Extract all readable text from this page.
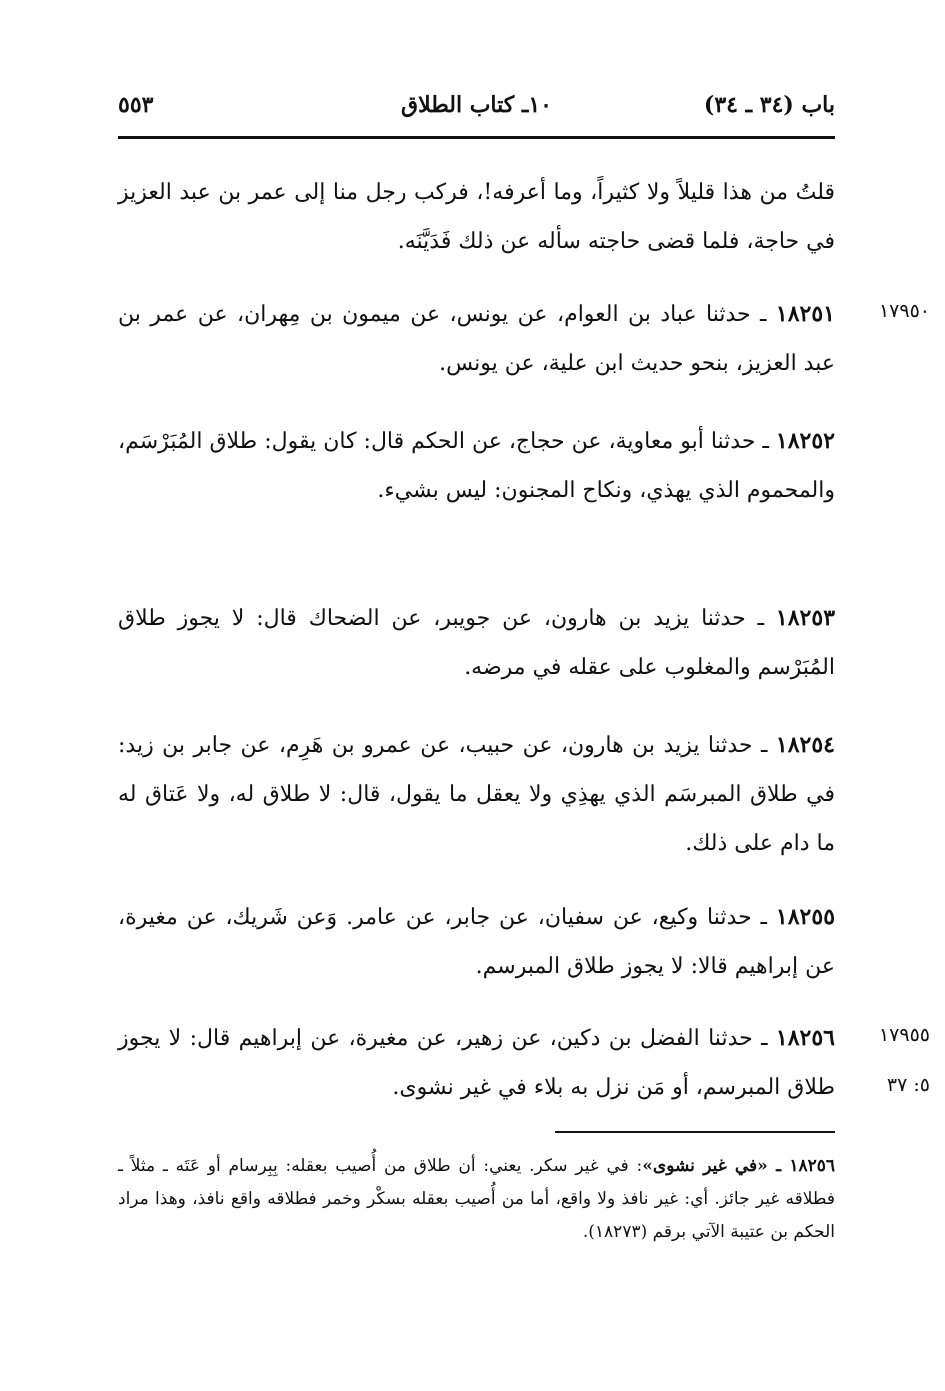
باب (٣٤ ـ ٣٤)
١٠ـ كتاب الطلاق
٥٥٣
قلتُ من هذا قليلاً ولا كثيراً، وما أعرفه!، فركب رجل منا إلى عمر بن عبد العزيز في حاجة، فلما قضى حاجته سأله عن ذلك فَدَيَّنَه.
١٧٩٥٠
١٨٢٥١ ـ حدثنا عباد بن العوام، عن يونس، عن ميمون بن مِهران، عن عمر بن عبد العزيز، بنحو حديث ابن علية، عن يونس.
١٨٢٥٢ ـ حدثنا أبو معاوية، عن حجاج، عن الحكم قال: كان يقول: طلاق المُبَرْسَم، والمحموم الذي يهذي، ونكاح المجنون: ليس بشيء.
١٨٢٥٣ ـ حدثنا يزيد بن هارون، عن جويبر، عن الضحاك قال: لا يجوز طلاق المُبَرْسم والمغلوب على عقله في مرضه.
١٨٢٥٤ ـ حدثنا يزيد بن هارون، عن حبيب، عن عمرو بن هَرِم، عن جابر بن زيد: في طلاق المبرسَم الذي يهذِي ولا يعقل ما يقول، قال: لا طلاق له، ولا عَتاق له ما دام على ذلك.
١٨٢٥٥ ـ حدثنا وكيع، عن سفيان، عن جابر، عن عامر. وَعن شَريك، عن مغيرة، عن إبراهيم قالا: لا يجوز طلاق المبرسم.
١٧٩٥٥
٥: ٣٧
١٨٢٥٦ ـ حدثنا الفضل بن دكين، عن زهير، عن مغيرة، عن إبراهيم قال: لا يجوز طلاق المبرسم، أو مَن نزل به بلاء في غير نشوى.
١٨٢٥٦ ـ «في غير نشوى»: في غير سكر. يعني: أن طلاق من أُصيب بعقله: بِبِرسام أو عَتَه ـ مثلاً ـ فطلاقه غير جائز. أي: غير نافذ ولا واقع، أما من أُصيب بعقله بسكْر وخمر فطلاقه واقع نافذ، وهذا مراد الحكم بن عتيبة الآتي برقم (١٨٢٧٣).
